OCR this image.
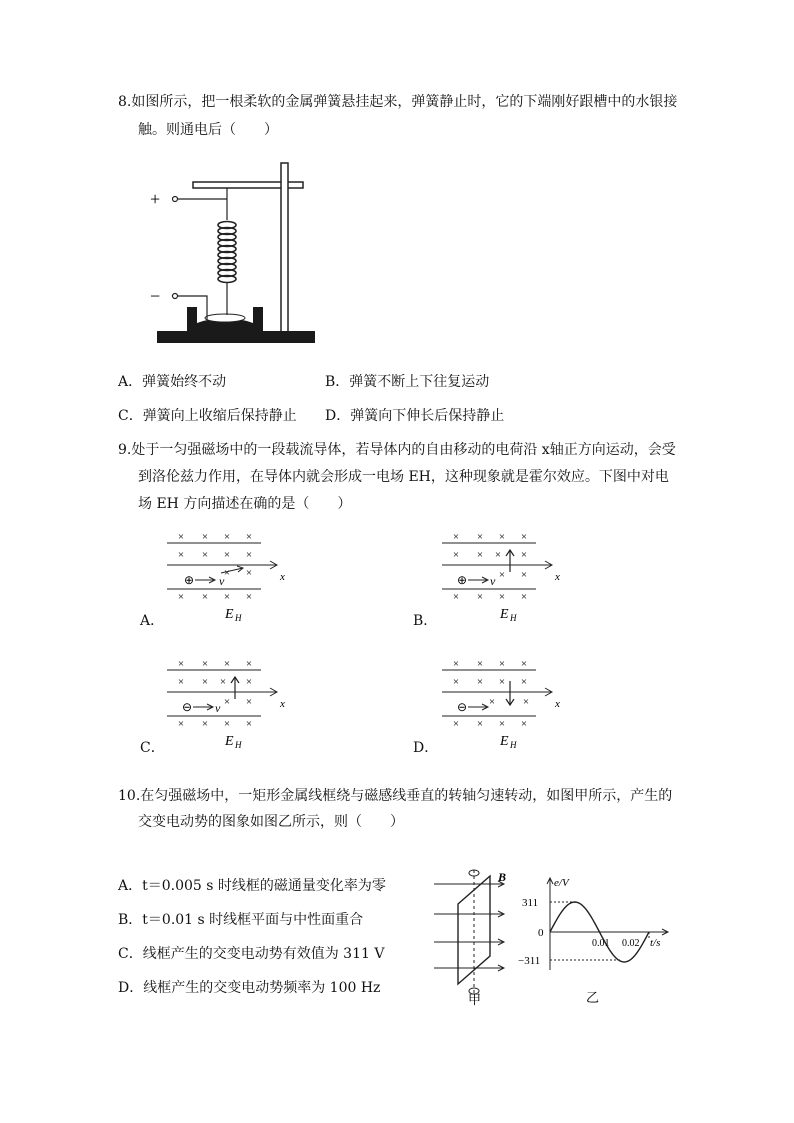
8.如图所示，把一根柔软的金属弹簧悬挂起来，弹簧静止时，它的下端刚好跟槽中的水银接
触。则通电后（　　）
+
−
A．弹簧始终不动	B．弹簧不断上下往复运动
C．弹簧向上收缩后保持静止 D．弹簧向下伸长后保持静止
9.处于一匀强磁场中的一段载流导体，若导体内的自由移动的电荷沿 x轴正方向运动，会受
到洛伦兹力作用，在导体内就会形成一电场 EH，这种现象就是霍尔效应。下图中对电
场 EH 方向描述在确的是（　　）
× × × ×
× × × ×
x
× ×
⊕ v
× × × ×
E H
A．
× × × ×
× × × ×
x
× ×
⊕ v
× × × ×
E H
B．
× × × ×
× × × ×
x
× ×
⊖ v
× × × ×
E H
C．
× × × ×
× × × ×
x
×	×
⊖
× × × ×
E H
D．
10.在匀强磁场中，一矩形金属线框绕与磁感线垂直的转轴匀速转动，如图甲所示，产生的
交变电动势的图象如图乙所示，则（　　）
A．t＝0.005 s 时线框的磁通量变化率为零
B．t＝0.01 s 时线框平面与中性面重合
C．线框产生的交变电动势有效值为 311 V
D．线框产生的交变电动势频率为 100 Hz
B
甲
e/V
311
0
−311
0.01 0.02 t/s
乙
